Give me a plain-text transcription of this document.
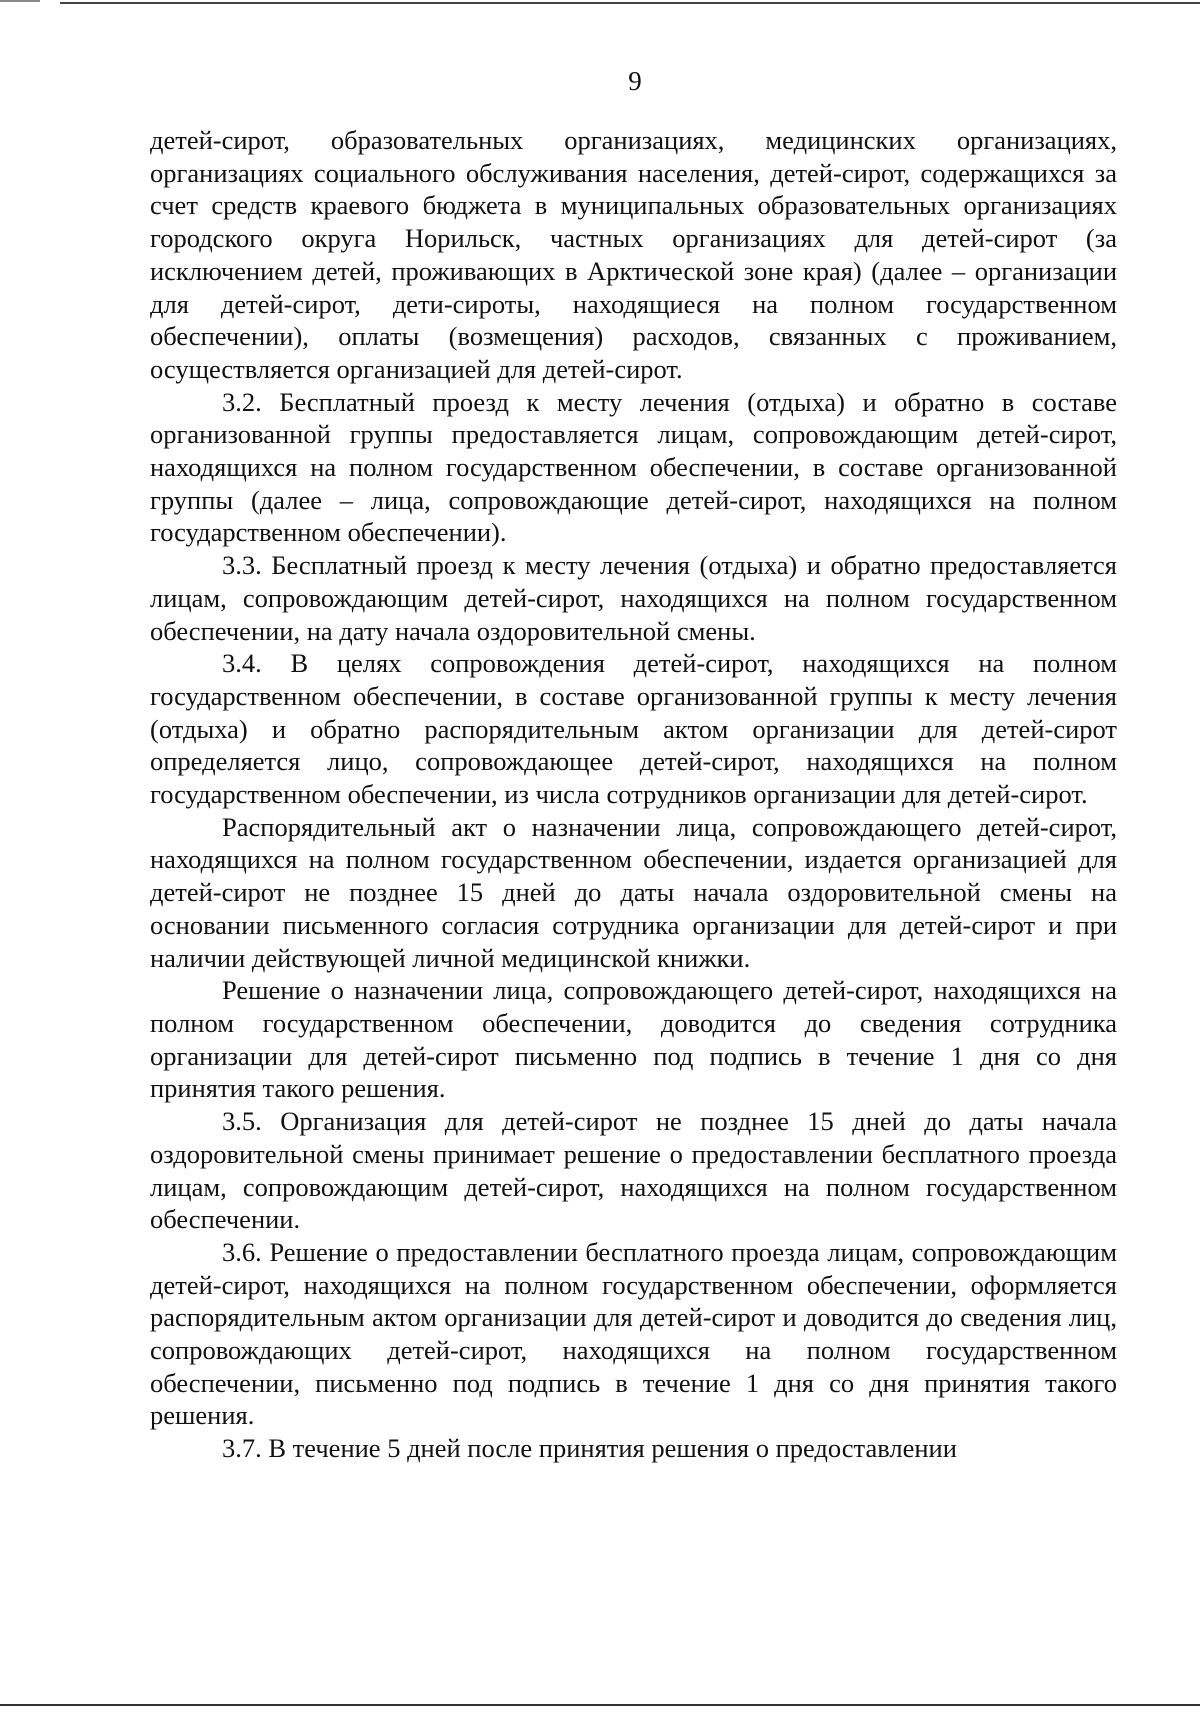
9

детей-сирот, образовательных организациях, медицинских организациях, организациях социального обслуживания населения, детей-сирот, содержащихся за счет средств краевого бюджета в муниципальных образовательных организациях городского округа Норильск, частных организациях для детей-сирот (за исключением детей, проживающих в Арктической зоне края) (далее – организации для детей-сирот, дети-сироты, находящиеся на полном государственном обеспечении), оплаты (возмещения) расходов, связанных с проживанием, осуществляется организацией для детей-сирот.

3.2. Бесплатный проезд к месту лечения (отдыха) и обратно в составе организованной группы предоставляется лицам, сопровождающим детей-сирот, находящихся на полном государственном обеспечении, в составе организованной группы (далее – лица, сопровождающие детей-сирот, находящихся на полном государственном обеспечении).

3.3. Бесплатный проезд к месту лечения (отдыха) и обратно предоставляется лицам, сопровождающим детей-сирот, находящихся на полном государственном обеспечении, на дату начала оздоровительной смены.

3.4. В целях сопровождения детей-сирот, находящихся на полном государственном обеспечении, в составе организованной группы к месту лечения (отдыха) и обратно распорядительным актом организации для детей-сирот определяется лицо, сопровождающее детей-сирот, находящихся на полном государственном обеспечении, из числа сотрудников организации для детей-сирот.

Распорядительный акт о назначении лица, сопровождающего детей-сирот, находящихся на полном государственном обеспечении, издается организацией для детей-сирот не позднее 15 дней до даты начала оздоровительной смены на основании письменного согласия сотрудника организации для детей-сирот и при наличии действующей личной медицинской книжки.

Решение о назначении лица, сопровождающего детей-сирот, находящихся на полном государственном обеспечении, доводится до сведения сотрудника организации для детей-сирот письменно под подпись в течение 1 дня со дня принятия такого решения.

3.5. Организация для детей-сирот не позднее 15 дней до даты начала оздоровительной смены принимает решение о предоставлении бесплатного проезда лицам, сопровождающим детей-сирот, находящихся на полном государственном обеспечении.

3.6. Решение о предоставлении бесплатного проезда лицам, сопровождающим детей-сирот, находящихся на полном государственном обеспечении, оформляется распорядительным актом организации для детей-сирот и доводится до сведения лиц, сопровождающих детей-сирот, находящихся на полном государственном обеспечении, письменно под подпись в течение 1 дня со дня принятия такого решения.

3.7. В течение 5 дней после принятия решения о предоставлении
